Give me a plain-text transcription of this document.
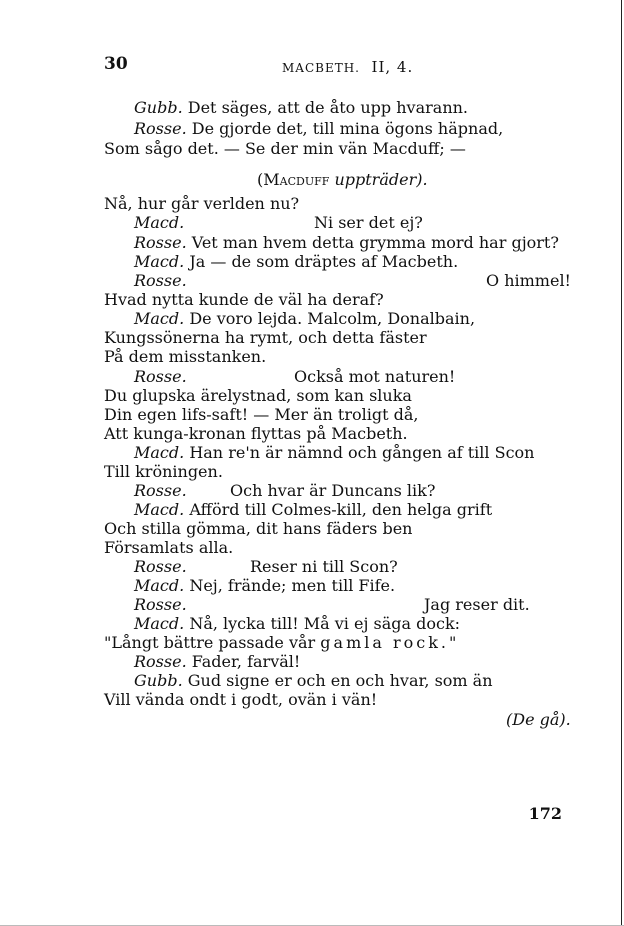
30	MACBETH. II, 4.
Gubb. Det säges, att de åto upp hvarann.
Rosse. De gjorde det, till mina ögons häpnad,
Som sågo det. — Se der min vän Macduff; —
(Macduff uppträder).
Nå, hur går verlden nu?
Macd.	Ni ser det ej?
Rosse. Vet man hvem detta grymma mord har gjort?
Macd. Ja — de som dräptes af Macbeth.
Rosse.	O himmel!
Hvad nytta kunde de väl ha deraf?
Macd. De voro lejda. Malcolm, Donalbain,
Kungssönerna ha rymt, och detta fäster
På dem misstanken.
Rosse.	Också mot naturen!
Du glupska ärelystnad, som kan sluka
Din egen lifs-saft! — Mer än troligt då,
Att kunga-kronan flyttas på Macbeth.
Macd. Han re'n är nämnd och gången af till Scon
Till kröningen.
Rosse.	Och hvar är Duncans lik?
Macd. Afförd till Colmes-kill, den helga grift
Och stilla gömma, dit hans fäders ben
Församlats alla.
Rosse.	Reser ni till Scon?
Macd. Nej, frände; men till Fife.
Rosse.	Jag reser dit.
Macd. Nå, lycka till! Må vi ej säga dock:
"Långt bättre passade vår gamla rock."
Rosse. Fader, farväl!
Gubb. Gud signe er och en och hvar, som än
Vill vända ondt i godt, ovän i vän!
(De gå).
172
